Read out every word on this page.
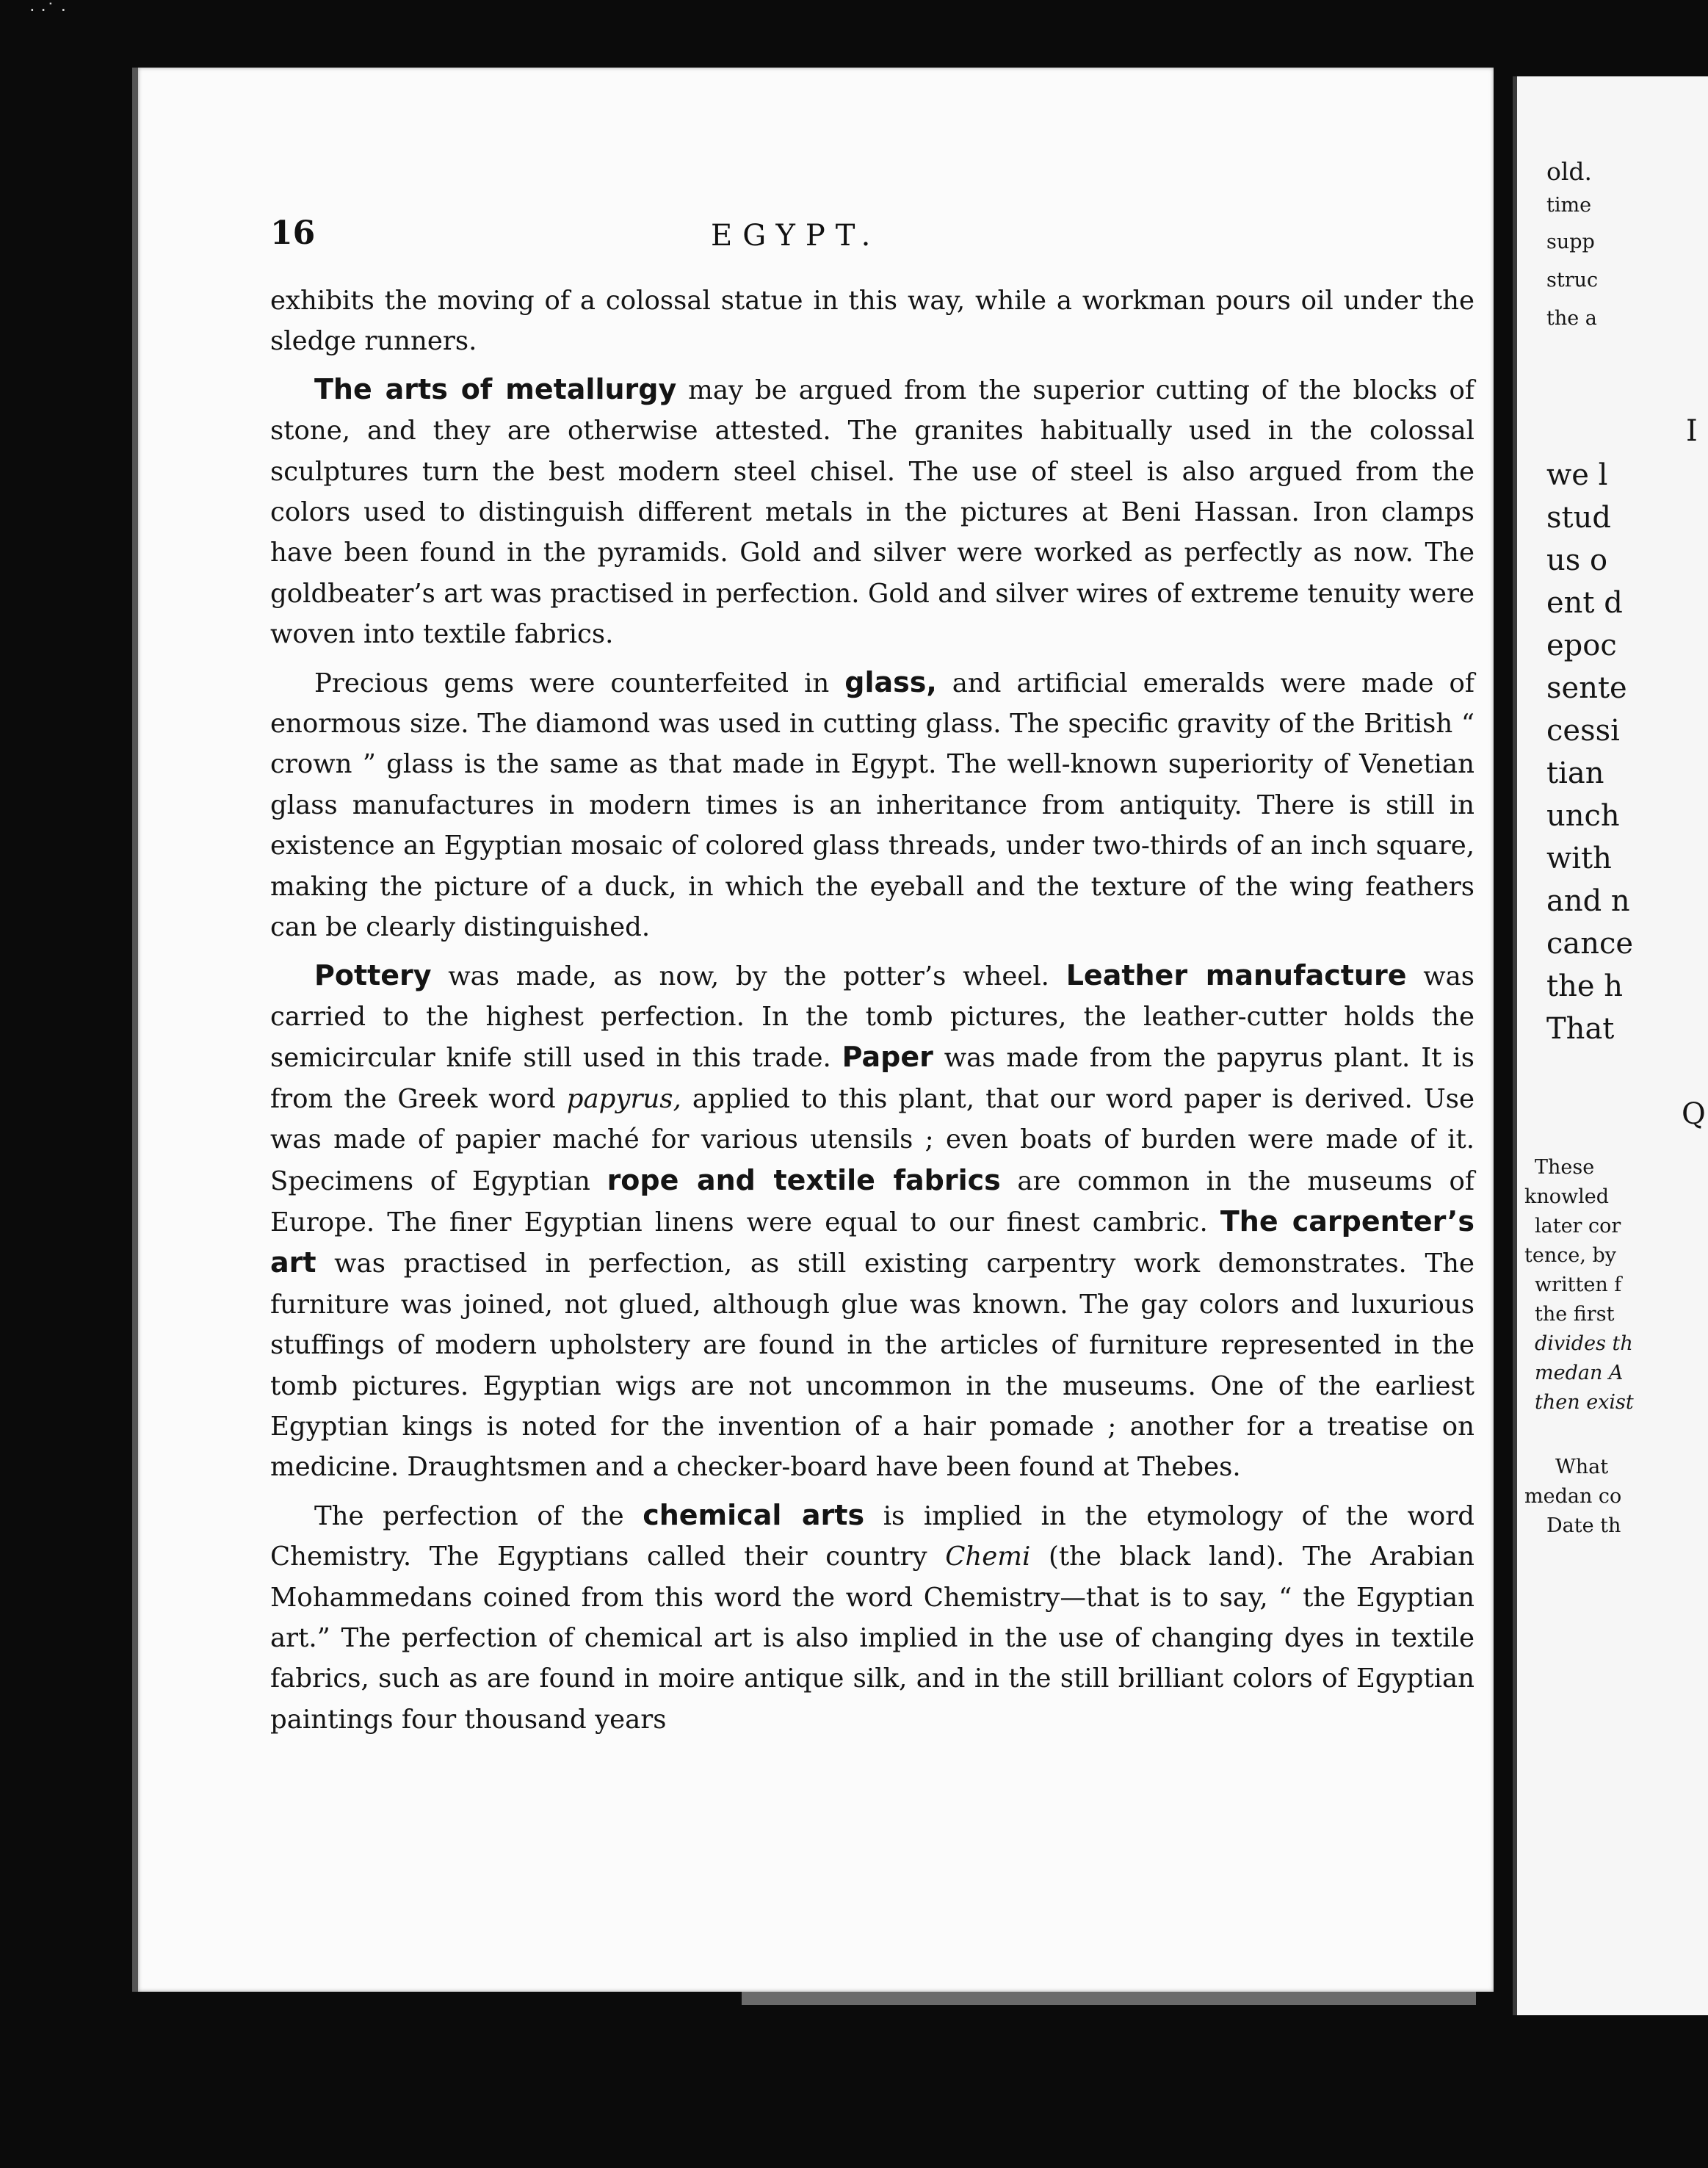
· ·˙ ·
16	EGYPT.

exhibits the moving of a colossal statue in this way, while a workman pours oil under the sledge runners.

The arts of metallurgy may be argued from the superior cutting of the blocks of stone, and they are otherwise attested. The granites habitually used in the colossal sculptures turn the best modern steel chisel. The use of steel is also argued from the colors used to distinguish different metals in the pictures at Beni Hassan. Iron clamps have been found in the pyramids. Gold and silver were worked as perfectly as now. The goldbeater’s art was practised in perfection. Gold and silver wires of extreme tenuity were woven into textile fabrics.

Precious gems were counterfeited in glass, and artificial emeralds were made of enormous size. The diamond was used in cutting glass. The specific gravity of the British “ crown ” glass is the same as that made in Egypt. The well-known superiority of Venetian glass manufactures in modern times is an inheritance from antiquity. There is still in existence an Egyptian mosaic of colored glass threads, under two-thirds of an inch square, making the picture of a duck, in which the eyeball and the texture of the wing feathers can be clearly distinguished.

Pottery was made, as now, by the potter’s wheel. Leather manufacture was carried to the highest perfection. In the tomb pictures, the leather-cutter holds the semicircular knife still used in this trade. Paper was made from the papyrus plant. It is from the Greek word papyrus, applied to this plant, that our word paper is derived. Use was made of papier maché for various utensils ; even boats of burden were made of it. Specimens of Egyptian rope and textile fabrics are common in the museums of Europe. The finer Egyptian linens were equal to our finest cambric. The carpenter’s art was practised in perfection, as still existing carpentry work demonstrates. The furniture was joined, not glued, although glue was known. The gay colors and luxurious stuffings of modern upholstery are found in the articles of furniture represented in the tomb pictures. Egyptian wigs are not uncommon in the museums. One of the earliest Egyptian kings is noted for the invention of a hair pomade ; another for a treatise on medicine. Draughtsmen and a checker-board have been found at Thebes.

The perfection of the chemical arts is implied in the etymology of the word Chemistry. The Egyptians called their country Chemi (the black land). The Arabian Mohammedans coined from this word the word Chemistry—that is to say, “ the Egyptian art.” The perfection of chemical art is also implied in the use of changing dyes in textile fabrics, such as are found in moire antique silk, and in the still brilliant colors of Egyptian paintings four thousand years

old.
time
supp
struc
the a
I
we l
stud
us o
ent d
epoc
sente
cessi
tian
unch
with
and n
cance
the h
That
Q
These
knowled
later cor
tence, by
written f
the first
divides th
medan A
then exist
What
medan co
Date th
